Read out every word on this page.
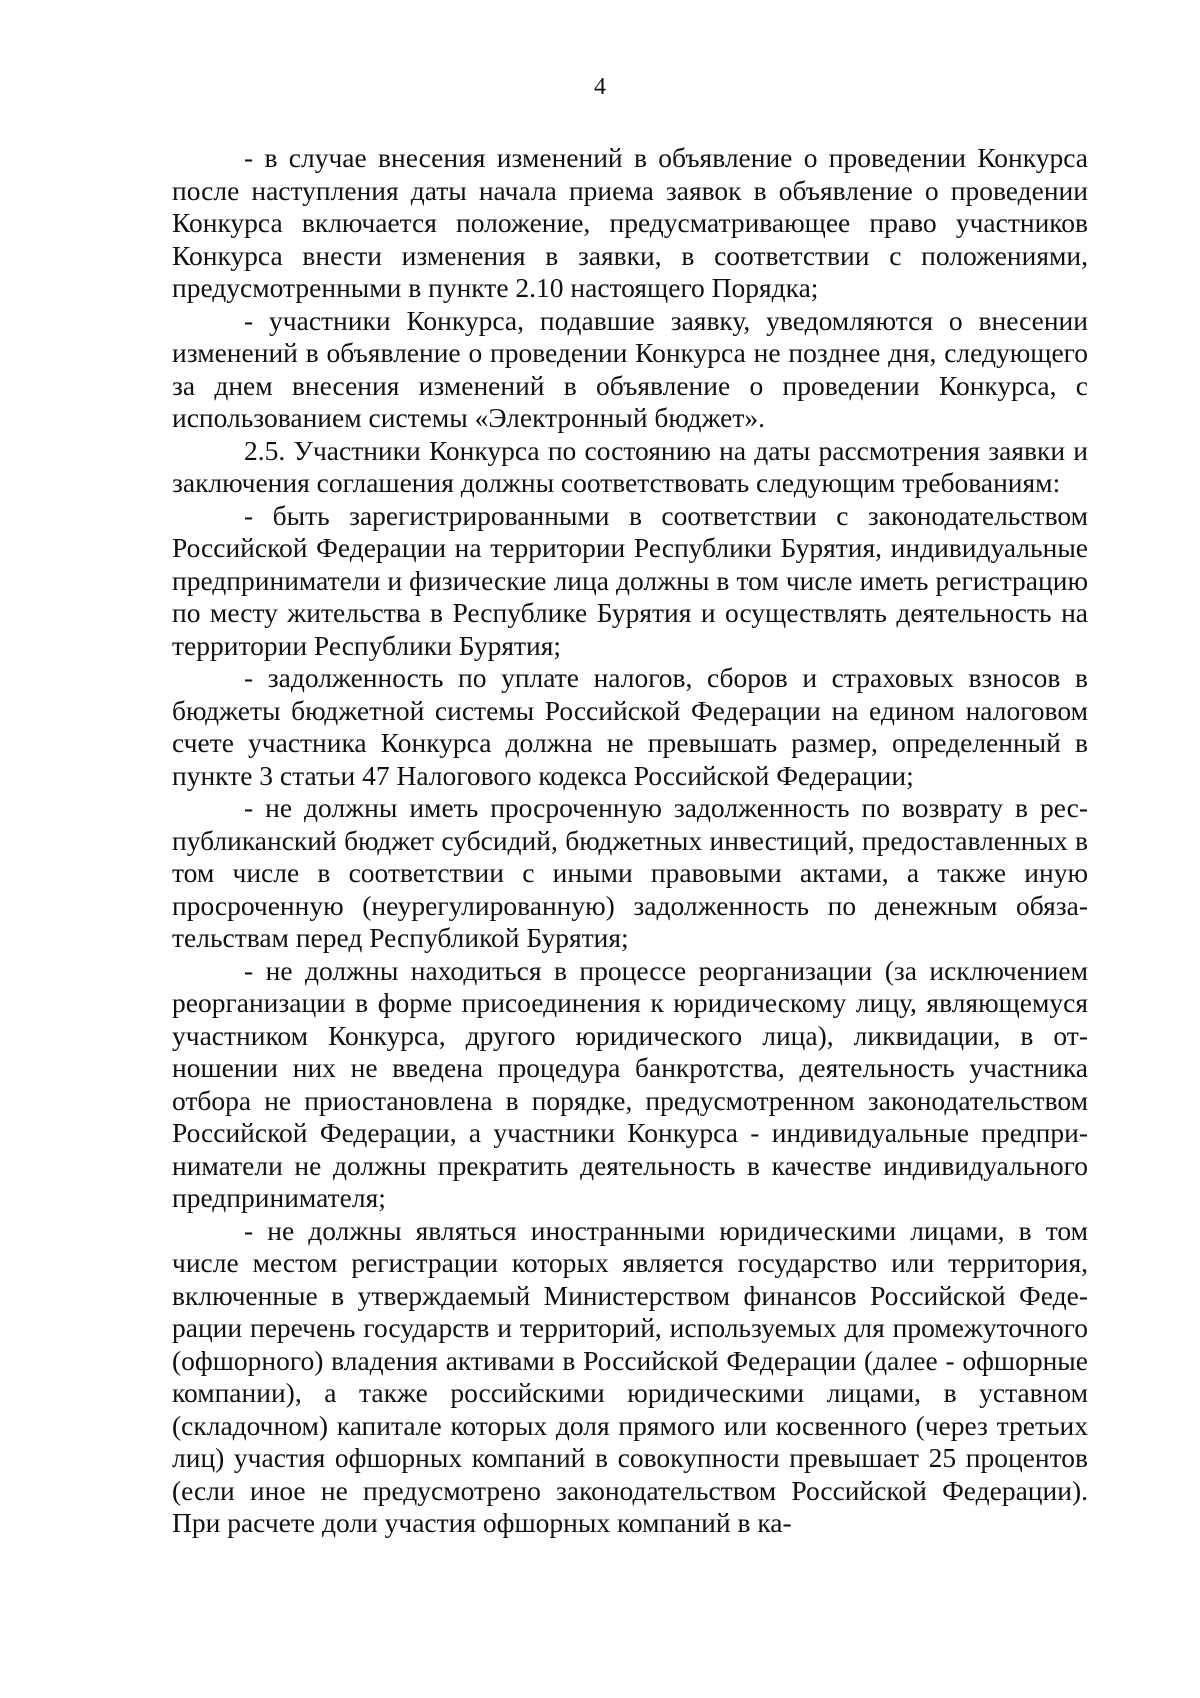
4

- в случае внесения изменений в объявление о проведении Конкурса после наступления даты начала приема заявок в объявление о проведении Конкурса включается положение, предусматривающее право участников Конкурса внести изменения в заявки, в соответствии с положениями, предусмотренными в пункте 2.10 настоящего Порядка;

- участники Конкурса, подавшие заявку, уведомляются о внесении изменений в объявление о проведении Конкурса не позднее дня, следующего за днем внесения изменений в объявление о проведении Конкурса, с использованием системы «Электронный бюджет».

2.5. Участники Конкурса по состоянию на даты рассмотрения заявки и заключения соглашения должны соответствовать следующим требованиям:

- быть зарегистрированными в соответствии с законодательством Российской Федерации на территории Республики Бурятия, индивидуальные предприниматели и физические лица должны в том числе иметь регистрацию по месту жительства в Республике Бурятия и осуществлять деятельность на территории Республики Бурятия;

- задолженность по уплате налогов, сборов и страховых взносов в бюджеты бюджетной системы Российской Федерации на едином налоговом счете участника Конкурса должна не превышать размер, определенный в пункте 3 статьи 47 Налогового кодекса Российской Федерации;

- не должны иметь просроченную задолженность по возврату в республиканский бюджет субсидий, бюджетных инвестиций, предоставленных в том числе в соответствии с иными правовыми актами, а также иную просроченную (неурегулированную) задолженность по денежным обязательствам перед Республикой Бурятия;

- не должны находиться в процессе реорганизации (за исключением реорганизации в форме присоединения к юридическому лицу, являющемуся участником Конкурса, другого юридического лица), ликвидации, в отношении них не введена процедура банкротства, деятельность участника отбора не приостановлена в порядке, предусмотренном законодательством Российской Федерации, а участники Конкурса - индивидуальные предприниматели не должны прекратить деятельность в качестве индивидуального предпринимателя;

- не должны являться иностранными юридическими лицами, в том числе местом регистрации которых является государство или территория, включенные в утверждаемый Министерством финансов Российской Федерации перечень государств и территорий, используемых для промежуточного (офшорного) владения активами в Российской Федерации (далее - офшорные компании), а также российскими юридическими лицами, в уставном (складочном) капитале которых доля прямого или косвенного (через третьих лиц) участия офшорных компаний в совокупности превышает 25 процентов (если иное не предусмотрено законодательством Российской Федерации). При расчете доли участия офшорных компаний в ка-
